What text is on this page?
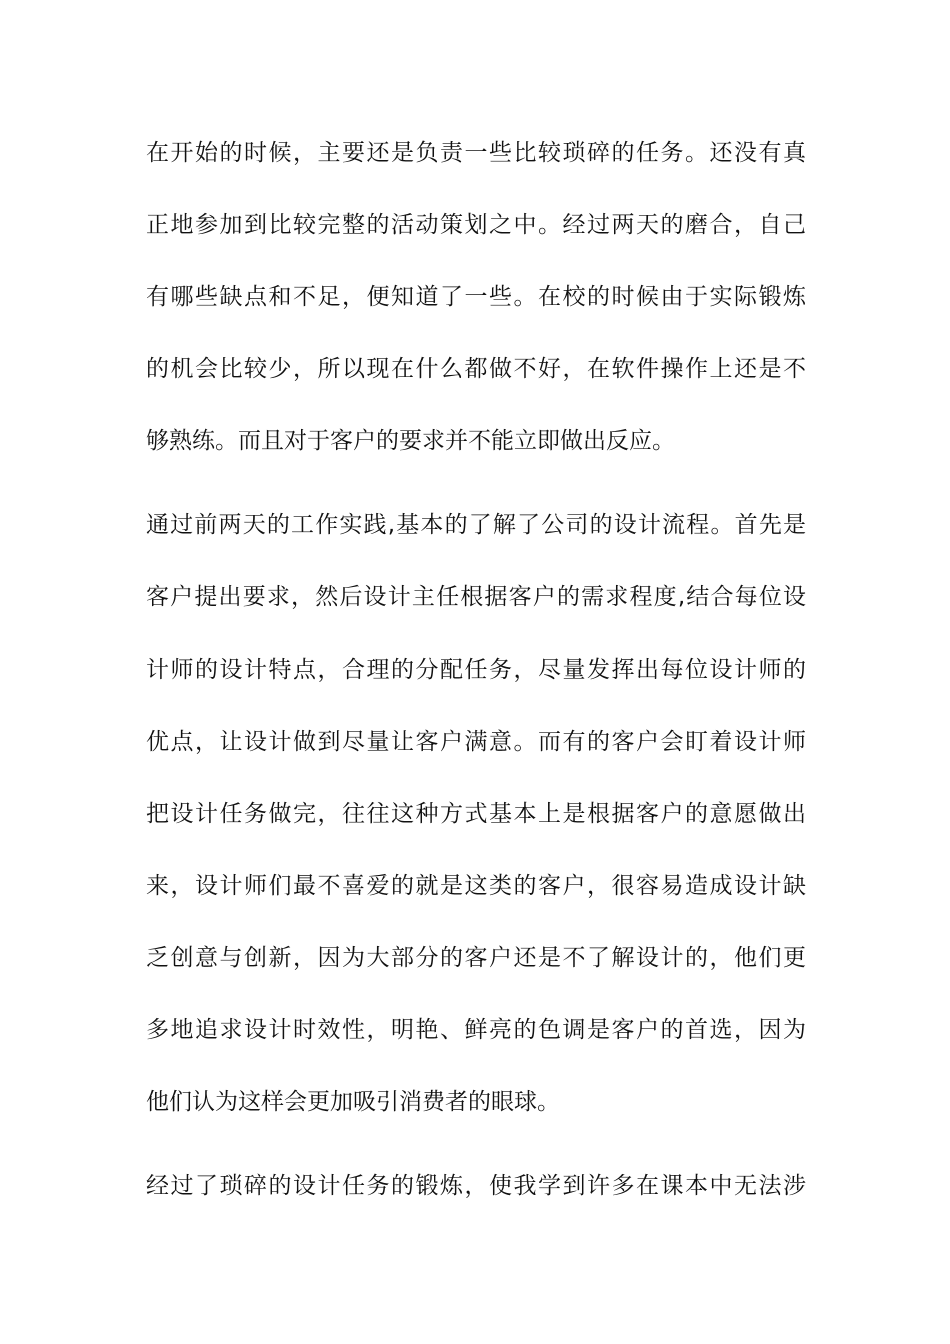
在开始的时候，主要还是负责一些比较琐碎的任务。还没有真
正地参加到比较完整的活动策划之中。经过两天的磨合，自己
有哪些缺点和不足，便知道了一些。在校的时候由于实际锻炼
的机会比较少，所以现在什么都做不好，在软件操作上还是不
够熟练。而且对于客户的要求并不能立即做出反应。
通过前两天的工作实践,基本的了解了公司的设计流程。首先是
客户提出要求，然后设计主任根据客户的需求程度,结合每位设
计师的设计特点，合理的分配任务，尽量发挥出每位设计师的
优点，让设计做到尽量让客户满意。而有的客户会盯着设计师
把设计任务做完，往往这种方式基本上是根据客户的意愿做出
来，设计师们最不喜爱的就是这类的客户，很容易造成设计缺
乏创意与创新，因为大部分的客户还是不了解设计的，他们更
多地追求设计时效性，明艳、鲜亮的色调是客户的首选，因为
他们认为这样会更加吸引消费者的眼球。
经过了琐碎的设计任务的锻炼，使我学到许多在课本中无法涉
